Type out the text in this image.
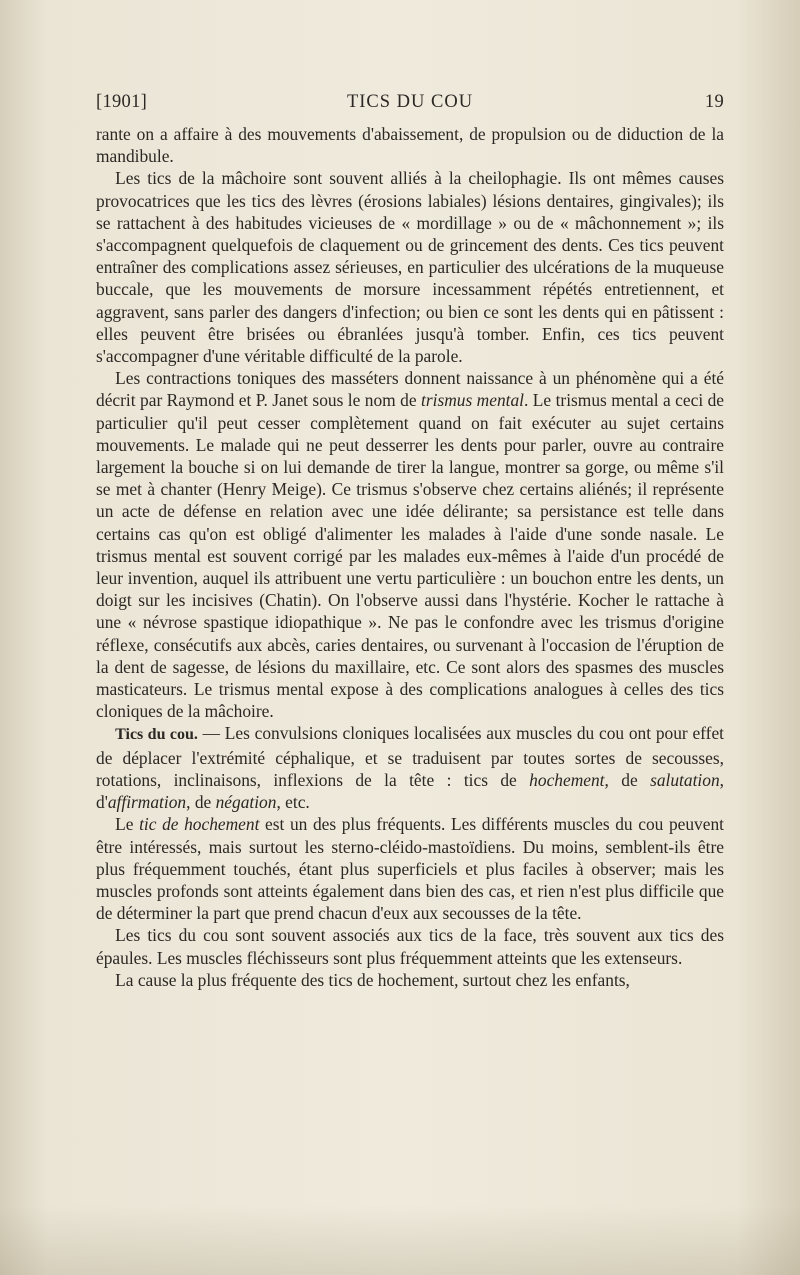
[1901]	TICS DU COU	19

rante on a affaire à des mouvements d'abaissement, de propulsion ou de diduction de la mandibule.

Les tics de la mâchoire sont souvent alliés à la cheilophagie. Ils ont mêmes causes provocatrices que les tics des lèvres (érosions labiales) lésions dentaires, gingivales); ils se rattachent à des habitudes vicieuses de « mordillage » ou de « mâchonnement »; ils s'accompagnent quelquefois de claquement ou de grincement des dents. Ces tics peuvent entraîner des complications assez sérieuses, en particulier des ulcérations de la muqueuse buccale, que les mouvements de morsure incessamment répétés entretiennent, et aggravent, sans parler des dangers d'infection; ou bien ce sont les dents qui en pâtissent : elles peuvent être brisées ou ébranlées jusqu'à tomber. Enfin, ces tics peuvent s'accompagner d'une véritable difficulté de la parole.

Les contractions toniques des masséters donnent naissance à un phénomène qui a été décrit par Raymond et P. Janet sous le nom de trismus mental. Le trismus mental a ceci de particulier qu'il peut cesser complètement quand on fait exécuter au sujet certains mouvements. Le malade qui ne peut desserrer les dents pour parler, ouvre au contraire largement la bouche si on lui demande de tirer la langue, montrer sa gorge, ou même s'il se met à chanter (Henry Meige). Ce trismus s'observe chez certains aliénés; il représente un acte de défense en relation avec une idée délirante; sa persistance est telle dans certains cas qu'on est obligé d'alimenter les malades à l'aide d'une sonde nasale. Le trismus mental est souvent corrigé par les malades eux-mêmes à l'aide d'un procédé de leur invention, auquel ils attribuent une vertu particulière : un bouchon entre les dents, un doigt sur les incisives (Chatin). On l'observe aussi dans l'hystérie. Kocher le rattache à une « névrose spastique idiopathique ». Ne pas le confondre avec les trismus d'origine réflexe, consécutifs aux abcès, caries dentaires, ou survenant à l'occasion de l'éruption de la dent de sagesse, de lésions du maxillaire, etc. Ce sont alors des spasmes des muscles masticateurs. Le trismus mental expose à des complications analogues à celles des tics cloniques de la mâchoire.

Tics du cou. — Les convulsions cloniques localisées aux muscles du cou ont pour effet de déplacer l'extrémité céphalique, et se traduisent par toutes sortes de secousses, rotations, inclinaisons, inflexions de la tête : tics de hochement, de salutation, d'affirmation, de négation, etc.

Le tic de hochement est un des plus fréquents. Les différents muscles du cou peuvent être intéressés, mais surtout les sterno-cléido-mastoïdiens. Du moins, semblent-ils être plus fréquemment touchés, étant plus superficiels et plus faciles à observer; mais les muscles profonds sont atteints également dans bien des cas, et rien n'est plus difficile que de déterminer la part que prend chacun d'eux aux secousses de la tête.

Les tics du cou sont souvent associés aux tics de la face, très souvent aux tics des épaules. Les muscles fléchisseurs sont plus fréquemment atteints que les extenseurs.

La cause la plus fréquente des tics de hochement, surtout chez les enfants,
